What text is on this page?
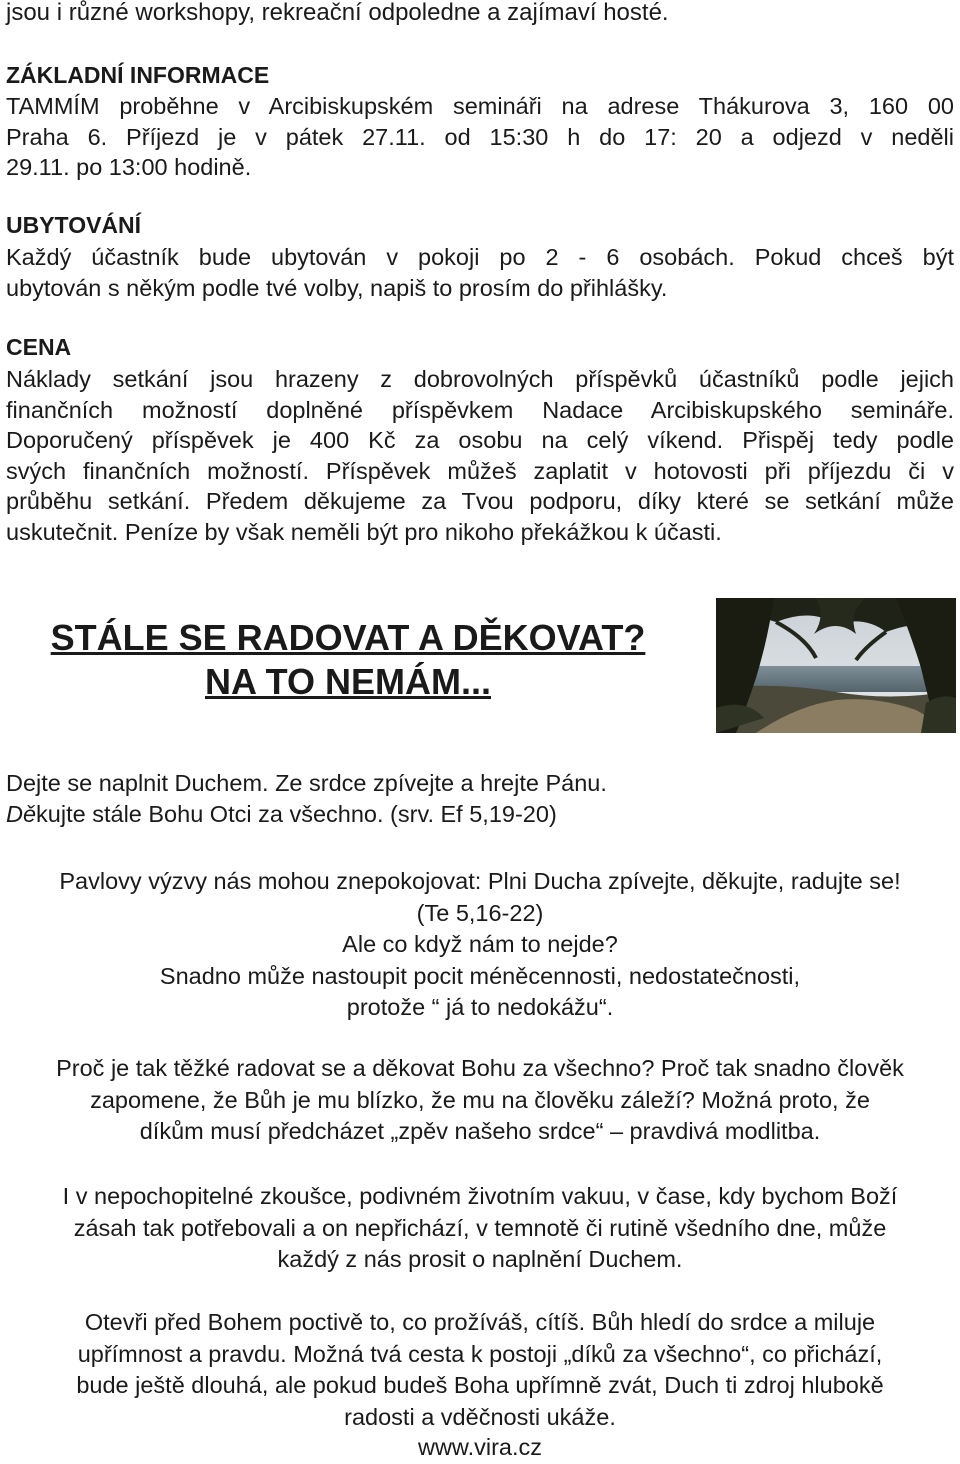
jsou i různé workshopy, rekreační odpoledne a zajímaví hosté.
ZÁKLADNÍ INFORMACE
TAMMÍM proběhne v Arcibiskupském semináři na adrese Thákurova 3, 160 00
Praha 6. Příjezd je v pátek 27.11. od 15:30 h do 17: 20 a odjezd v neděli
29.11. po 13:00 hodině.
UBYTOVÁNÍ
Každý účastník bude ubytován v pokoji po 2 - 6 osobách. Pokud chceš být
ubytován s někým podle tvé volby, napiš to prosím do přihlášky.
CENA
Náklady setkání jsou hrazeny z dobrovolných příspěvků účastníků podle jejich
finančních možností doplněné příspěvkem Nadace Arcibiskupského semináře.
Doporučený příspěvek je 400 Kč za osobu na celý víkend. Přispěj tedy podle
svých finančních možností. Příspěvek můžeš zaplatit v hotovosti při příjezdu či v
průběhu setkání. Předem děkujeme za Tvou podporu, díky které se setkání může
uskutečnit. Peníze by však neměli být pro nikoho překážkou k účasti.
STÁLE SE RADOVAT A DĚKOVAT?
NA TO NEMÁM...
Dejte se naplnit Duchem. Ze srdce zpívejte a hrejte Pánu.
Děkujte stále Bohu Otci za všechno. (srv. Ef 5,19-20)
Pavlovy výzvy nás mohou znepokojovat: Plni Ducha zpívejte, děkujte, radujte se!
(Te 5,16-22)
Ale co když nám to nejde?
Snadno může nastoupit pocit méněcennosti, nedostatečnosti,
protože “ já to nedokážu“.
Proč je tak těžké radovat se a děkovat Bohu za všechno? Proč tak snadno člověk
zapomene, že Bůh je mu blízko, že mu na člověku záleží? Možná proto, že
díkům musí předcházet „zpěv našeho srdce“ – pravdivá modlitba.
I v nepochopitelné zkoušce, podivném životním vakuu, v čase, kdy bychom Boží
zásah tak potřebovali a on nepřichází, v temnotě či rutině všedního dne, může
každý z nás prosit o naplnění Duchem.
Otevři před Bohem poctivě to, co prožíváš, cítíš. Bůh hledí do srdce a miluje
upřímnost a pravdu. Možná tvá cesta k postoji „díků za všechno“, co přichází,
bude ještě dlouhá, ale pokud budeš Boha upřímně zvát, Duch ti zdroj hlubokě
radosti a vděčnosti ukáže.
www.vira.cz
